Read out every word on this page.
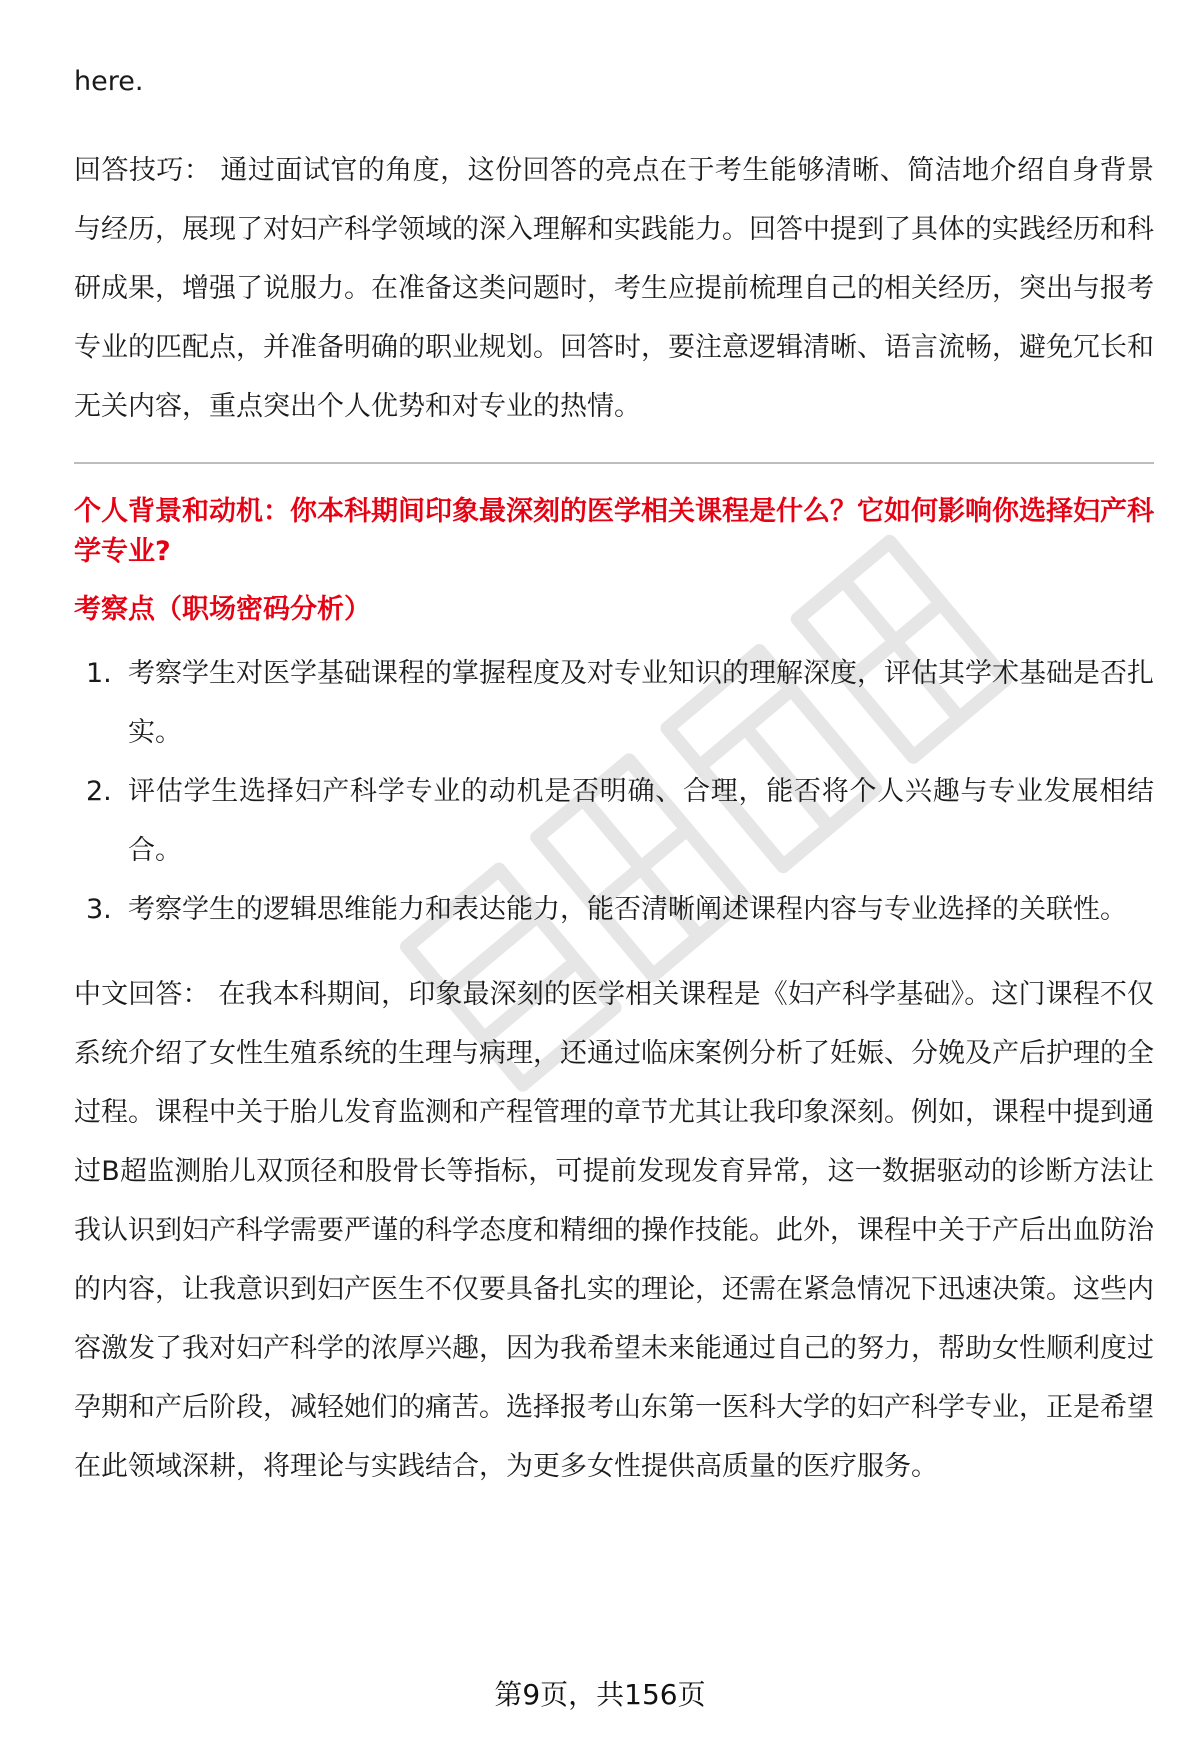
here.

回答技巧： 通过面试官的角度，这份回答的亮点在于考生能够清晰、简洁地介绍自身背景与经历，展现了对妇产科学领域的深入理解和实践能力。回答中提到了具体的实践经历和科研成果，增强了说服力。在准备这类问题时，考生应提前梳理自己的相关经历，突出与报考专业的匹配点，并准备明确的职业规划。回答时，要注意逻辑清晰、语言流畅，避免冗长和无关内容，重点突出个人优势和对专业的热情。

个人背景和动机：你本科期间印象最深刻的医学相关课程是什么？它如何影响你选择妇产科学专业?
考察点（职场密码分析）
1. 考察学生对医学基础课程的掌握程度及对专业知识的理解深度，评估其学术基础是否扎实。
2. 评估学生选择妇产科学专业的动机是否明确、合理，能否将个人兴趣与专业发展相结合。
3. 考察学生的逻辑思维能力和表达能力，能否清晰阐述课程内容与专业选择的关联性。

中文回答： 在我本科期间，印象最深刻的医学相关课程是《妇产科学基础》。这门课程不仅系统介绍了女性生殖系统的生理与病理，还通过临床案例分析了妊娠、分娩及产后护理的全过程。课程中关于胎儿发育监测和产程管理的章节尤其让我印象深刻。例如，课程中提到通过B超监测胎儿双顶径和股骨长等指标，可提前发现发育异常，这一数据驱动的诊断方法让我认识到妇产科学需要严谨的科学态度和精细的操作技能。此外，课程中关于产后出血防治的内容，让我意识到妇产医生不仅要具备扎实的理论，还需在紧急情况下迅速决策。这些内容激发了我对妇产科学的浓厚兴趣，因为我希望未来能通过自己的努力，帮助女性顺利度过孕期和产后阶段，减轻她们的痛苦。选择报考山东第一医科大学的妇产科学专业，正是希望在此领域深耕，将理论与实践结合，为更多女性提供高质量的医疗服务。

第9页，共156页
